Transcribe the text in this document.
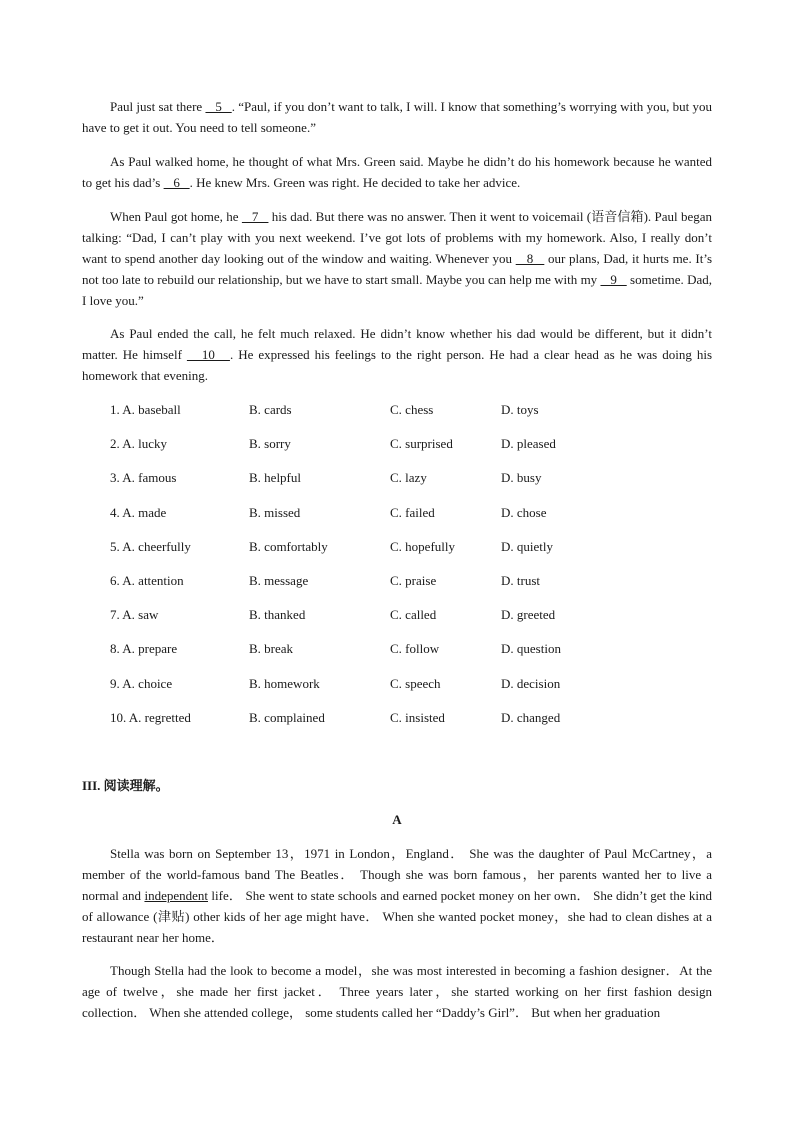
Paul just sat there    5   . “Paul, if you don’t want to talk, I will. I know that something’s worrying with you, but you have to get it out. You need to tell someone.”

As Paul walked home, he thought of what Mrs. Green said. Maybe he didn’t do his homework because he wanted to get his dad’s    6   . He knew Mrs. Green was right. He decided to take her advice.

When Paul got home, he    7    his dad. But there was no answer. Then it went to voicemail (语音信箱). Paul began talking: “Dad, I can’t play with you next weekend. I’ve got lots of problems with my homework. Also, I really don’t want to spend another day looking out of the window and waiting. Whenever you    8    our plans, Dad, it hurts me. It’s not too late to rebuild our relationship, but we have to start small. Maybe you can help me with my    9    sometime. Dad, I love you.”

As Paul ended the call, he felt much relaxed. He didn’t know whether his dad would be different, but it didn’t matter. He himself    10   . He expressed his feelings to the right person. He had a clear head as he was doing his homework that evening.

1. A. baseball	B. cards	C. chess	D. toys
2. A. lucky	B. sorry	C. surprised	D. pleased
3. A. famous	B. helpful	C. lazy	D. busy
4. A. made	B. missed	C. failed	D. chose
5. A. cheerfully	B. comfortably	C. hopefully	D. quietly
6. A. attention	B. message	C. praise	D. trust
7. A. saw	B. thanked	C. called	D. greeted
8. A. prepare	B. break	C. follow	D. question
9. A. choice	B. homework	C. speech	D. decision
10. A. regretted	B. complained	C. insisted	D. changed

III. 阅读理解。

A

Stella was born on September 13，1971 in London，England． She was the daughter of Paul McCartney，a member of the world-famous band The Beatles． Though she was born famous，her parents wanted her to live a normal and independent life． She went to state schools and earned pocket money on her own． She didn’t get the kind of allowance (津贴) other kids of her age might have． When she wanted pocket money，she had to clean dishes at a restaurant near her home．

Though Stella had the look to become a model，she was most interested in becoming a fashion designer．At the age of twelve，she made her first jacket． Three years later，she started working on her first fashion design collection． When she attended college， some students called her “Daddy’s Girl”． But when her graduation
